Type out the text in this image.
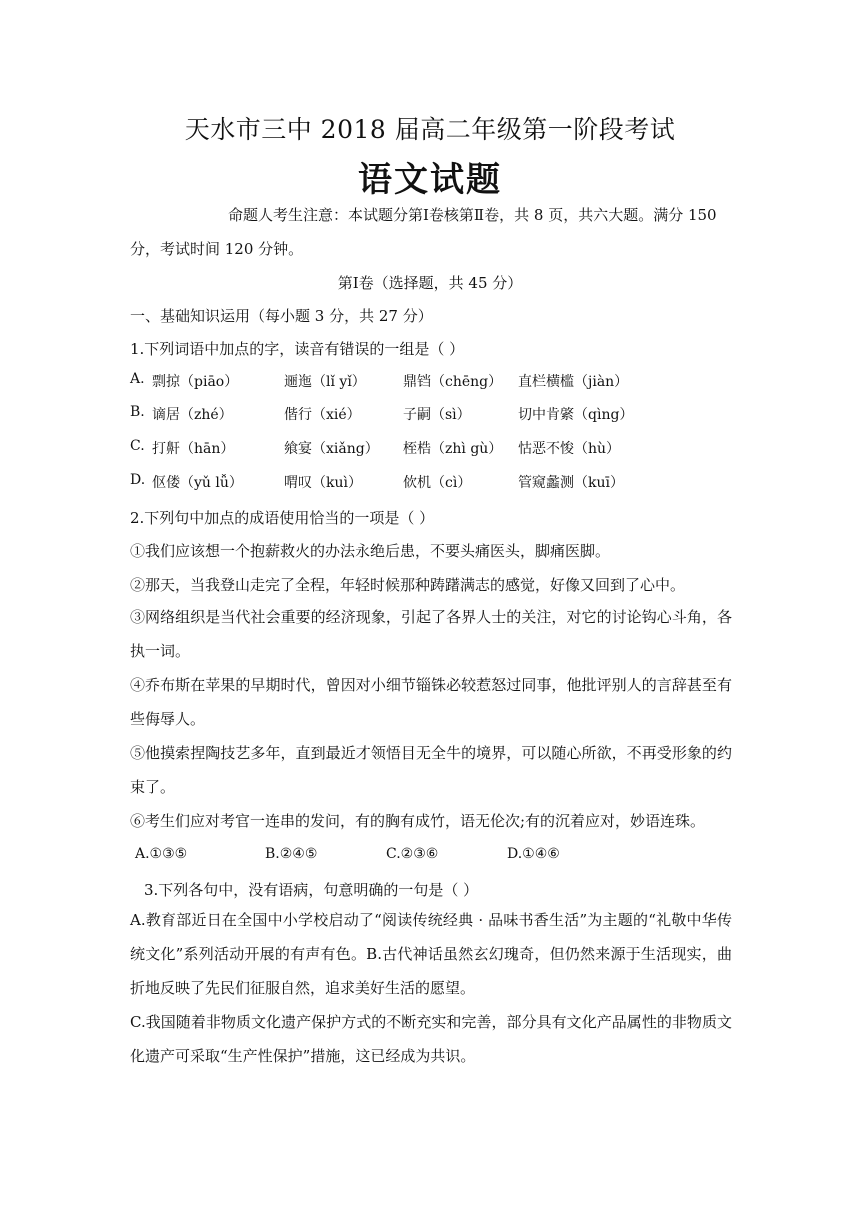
天水市三中 2018 届高二年级第一阶段考试
语文试题
命题人考生注意：本试题分第Ⅰ卷核第Ⅱ卷，共 8 页，共六大题。满分 150
分，考试时间 120 分钟。
第Ⅰ卷（选择题，共 45 分）
一、基础知识运用（每小题 3 分，共 27 分）
1.下列词语中加点的字，读音有错误的一组是（ ）
A. 剽掠（piāo）	逦迤（lǐ yǐ）	鼎铛（chēng） 直栏横槛（jiàn）
B. 谪居（zhé）	偕行（xié）	子嗣（sì）	切中肯綮（qìng）
C. 打鼾（hān）	飨宴（xiǎng） 桎梏（zhì gù） 怙恶不悛（hù）
D. 伛偻（yǔ lǚ）	喟叹（kuì）	佽机（cì）	管窥蠡测（kuī）
2.下列句中加点的成语使用恰当的一项是（ ）
①我们应该想一个抱薪救火的办法永绝后患，不要头痛医头，脚痛医脚。
②那天，当我登山走完了全程，年轻时候那种踌躇满志的感觉，好像又回到了心中。
③网络组织是当代社会重要的经济现象，引起了各界人士的关注，对它的讨论钩心斗角，各执一词。
④乔布斯在苹果的早期时代，曾因对小细节锱铢必较惹怒过同事，他批评别人的言辞甚至有些侮辱人。
⑤他摸索捏陶技艺多年，直到最近才领悟目无全牛的境界，可以随心所欲，不再受形象的约束了。
⑥考生们应对考官一连串的发问，有的胸有成竹，语无伦次;有的沉着应对，妙语连珠。
A.①③⑤	B.②④⑤	C.②③⑥	D.①④⑥
3.下列各句中，没有语病，句意明确的一句是（ ）
A.教育部近日在全国中小学校启动了“阅读传统经典 · 品味书香生活”为主题的“礼敬中华传统文化”系列活动开展的有声有色。B.古代神话虽然玄幻瑰奇，但仍然来源于生活现实，曲折地反映了先民们征服自然，追求美好生活的愿望。
C.我国随着非物质文化遗产保护方式的不断充实和完善，部分具有文化产品属性的非物质文化遗产可采取“生产性保护”措施，这已经成为共识。
